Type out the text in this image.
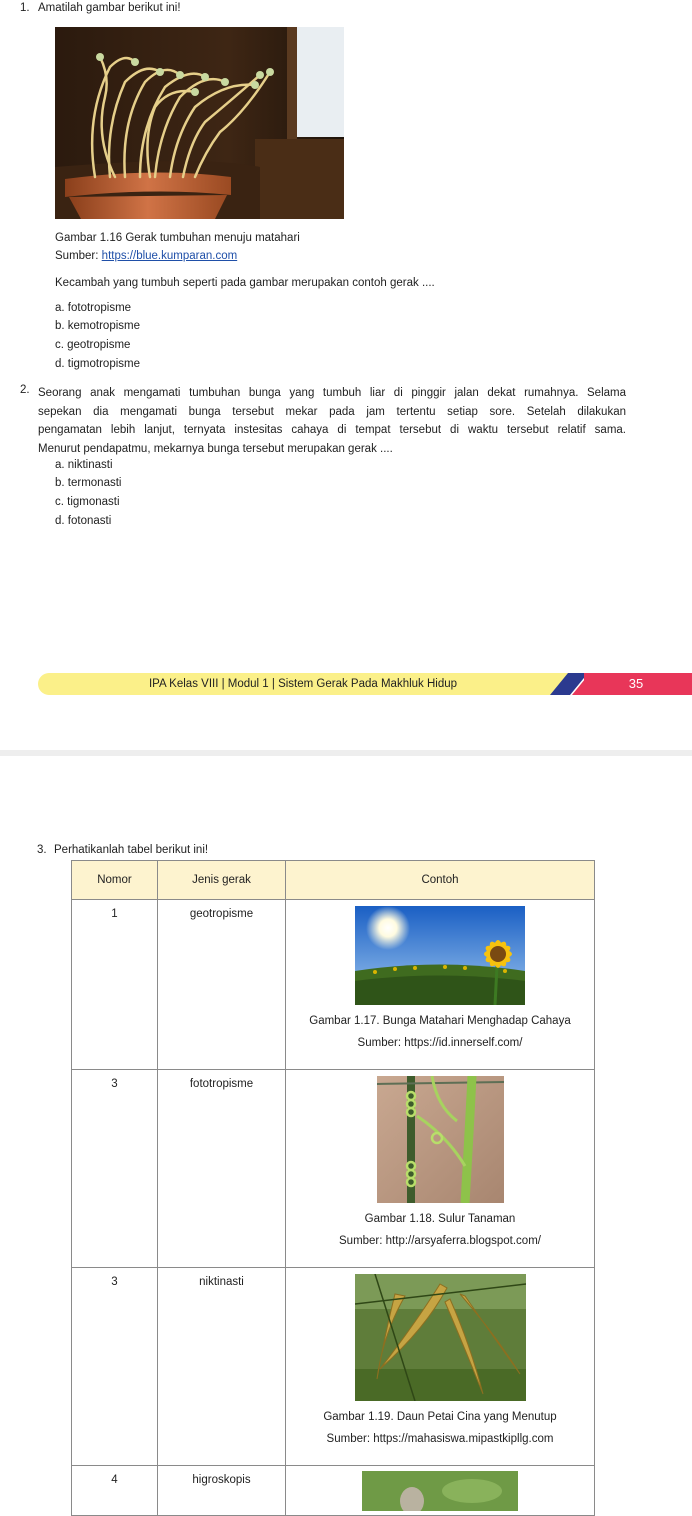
1. Amatilah gambar berikut ini!
Gambar 1.16 Gerak tumbuhan menuju matahari
Sumber: https://blue.kumparan.com
Kecambah yang tumbuh seperti pada gambar merupakan contoh gerak ....
a. fototropisme
b. kemotropisme
c. geotropisme
d. tigmotropisme
2. Seorang anak mengamati tumbuhan bunga yang tumbuh liar di pinggir jalan dekat rumahnya. Selama
sepekan dia mengamati bunga tersebut mekar pada jam tertentu setiap sore. Setelah dilakukan
pengamatan lebih lanjut, ternyata instesitas cahaya di tempat tersebut di waktu tersebut relatif sama.
Menurut pendapatmu, mekarnya bunga tersebut merupakan gerak ....
a. niktinasti
b. termonasti
c. tigmonasti
d. fotonasti
IPA Kelas VIII | Modul 1 | Sistem Gerak Pada Makhluk Hidup	35
3. Perhatikanlah tabel berikut ini!
Nomor	Jenis gerak	Contoh
1	geotropisme	Gambar 1.17. Bunga Matahari Menghadap Cahaya
Sumber: https://id.innerself.com/

3	fototropisme	Gambar 1.18. Sulur Tanaman
Sumber: http://arsyaferra.blogspot.com/

3	niktinasti	Gambar 1.19. Daun Petai Cina yang Menutup
Sumber: https://mahasiswa.mipastkipllg.com

4	higroskopis	
